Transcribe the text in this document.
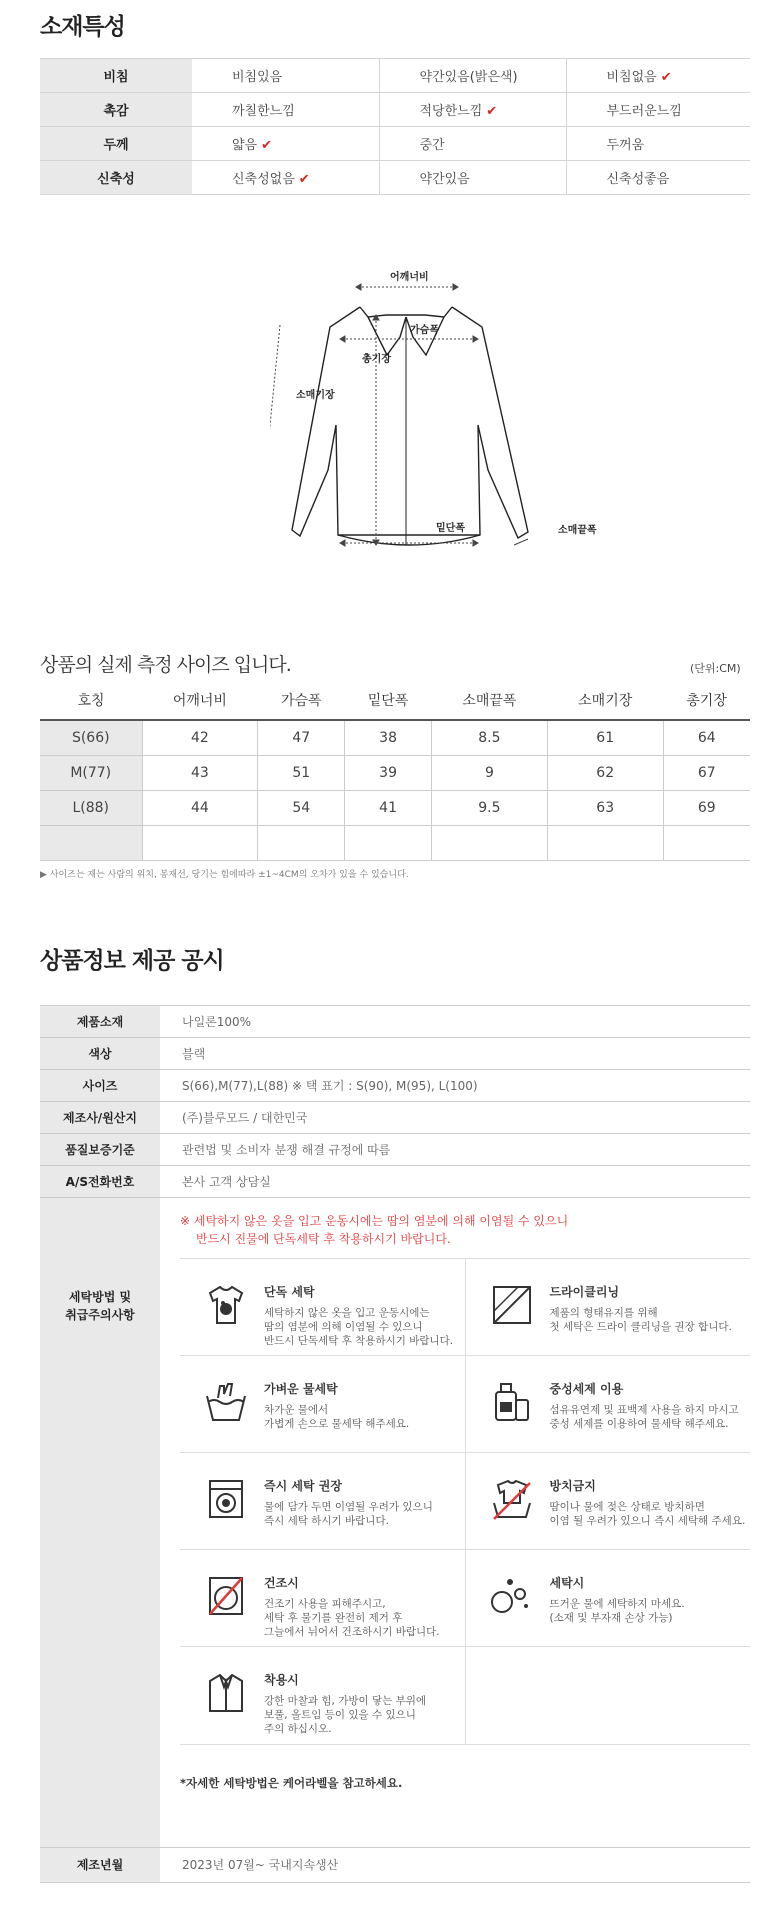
소재특성
비침	비침있음	약간있음(밝은색)	비침없음 ✔
촉감	까칠한느낌	적당한느낌 ✔	부드러운느낌
두께	얇음 ✔	중간	두꺼움
신축성	신축성없음 ✔	약간있음	신축성좋음
어깨너비
총기장
가슴폭
소매기장
밑단폭	소매끝폭
상품의 실제 측정 사이즈 입니다.	(단위:CM)
호칭	어깨너비	가슴폭	밑단폭	소매끝폭	소매기장	총기장
S(66)	42	47	38	8.5	61	64
M(77)	43	51	39	9	62	67
L(88)	44	54	41	9.5	63	69

▶ 사이즈는 재는 사람의 위치, 봉재선, 당기는 힘에따라 ±1~4CM의 오차가 있을 수 있습니다.
상품정보 제공 공시
제품소재	나일론100%
색상	블랙
사이즈	S(66),M(77),L(88) ※ 택 표기 : S(90), M(95), L(100)
제조사/원산지	(주)블루모드 / 대한민국
품질보증기준	관련법 및 소비자 분쟁 해결 규정에 따름
A/S전화번호	본사 고객 상담실
세탁방법 및
취급주의사항	
※ 세탁하지 않은 옷을 입고 운동시에는 땀의 염분에 의해 이염될 수 있으니
반드시 진물에 단독세탁 후 착용하시기 바랍니다.
단독 세탁
세탁하지 않은 옷을 입고 운동시에는
땀의 염분에 의해 이염될 수 있으니
반드시 단독세탁 후 착용하시기 바랍니다.

드라이클리닝
제품의 형태유지를 위해
첫 세탁은 드라이 클리닝을 권장 합니다.

가벼운 물세탁
차가운 물에서
가볍게 손으로 물세탁 해주세요.

중성세제 이용
섬유유연제 및 표백제 사용을 하지 마시고
중성 세제를 이용하여 물세탁 해주세요.

즉시 세탁 권장
물에 담가 두면 이염될 우려가 있으니
즉시 세탁 하시기 바랍니다.

방치금지
땀이나 물에 젖은 상태로 방치하면
이염 될 우려가 있으니 즉시 세탁해 주세요.

건조시
건조기 사용을 피해주시고,
세탁 후 물기를 완전히 제거 후
그늘에서 뉘어서 건조하시기 바랍니다.

세탁시
뜨거운 물에 세탁하지 마세요.
(소재 및 부자재 손상 가능)

착용시
강한 마찰과 힘, 가방이 닿는 부위에
보풀, 올트임 등이 있을 수 있으니
주의 하십시오.

*자세한 세탁방법은 케어라벨을 참고하세요.

제조년월	2023년 07월~ 국내지속생산
